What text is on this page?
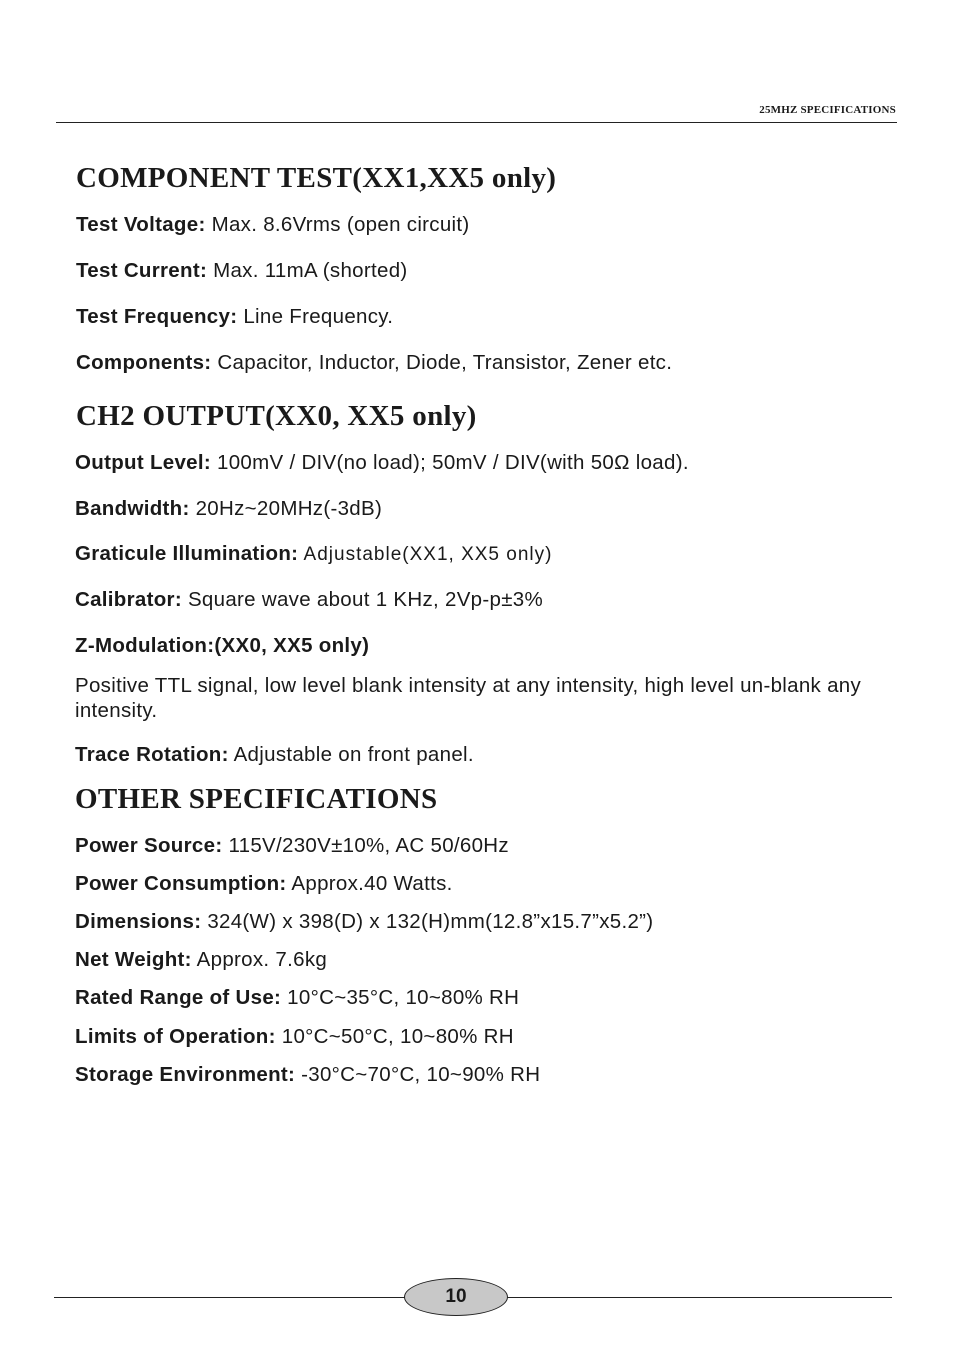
25MHZ SPECIFICATIONS
COMPONENT TEST(XX1,XX5 only)
Test Voltage: Max. 8.6Vrms (open circuit)
Test Current: Max. 11mA (shorted)
Test Frequency: Line Frequency.
Components: Capacitor, Inductor, Diode, Transistor, Zener etc.
CH2 OUTPUT(XX0, XX5 only)
Output Level: 100mV / DIV(no load); 50mV / DIV(with 50Ω load).
Bandwidth: 20Hz~20MHz(-3dB)
Graticule Illumination: Adjustable(XX1, XX5 only)
Calibrator: Square wave about 1 KHz, 2Vp-p±3%
Z-Modulation:(XX0, XX5 only)
Positive TTL signal, low level blank intensity at any intensity, high level un-blank any intensity.
Trace Rotation: Adjustable on front panel.
OTHER SPECIFICATIONS
Power Source: 115V/230V±10%, AC 50/60Hz
Power Consumption: Approx.40 Watts.
Dimensions: 324(W) x 398(D) x 132(H)mm(12.8”x15.7”x5.2”)
Net Weight: Approx. 7.6kg
Rated Range of Use: 10°C~35°C, 10~80% RH
Limits of Operation: 10°C~50°C, 10~80% RH
Storage Environment: -30°C~70°C, 10~90% RH
10
